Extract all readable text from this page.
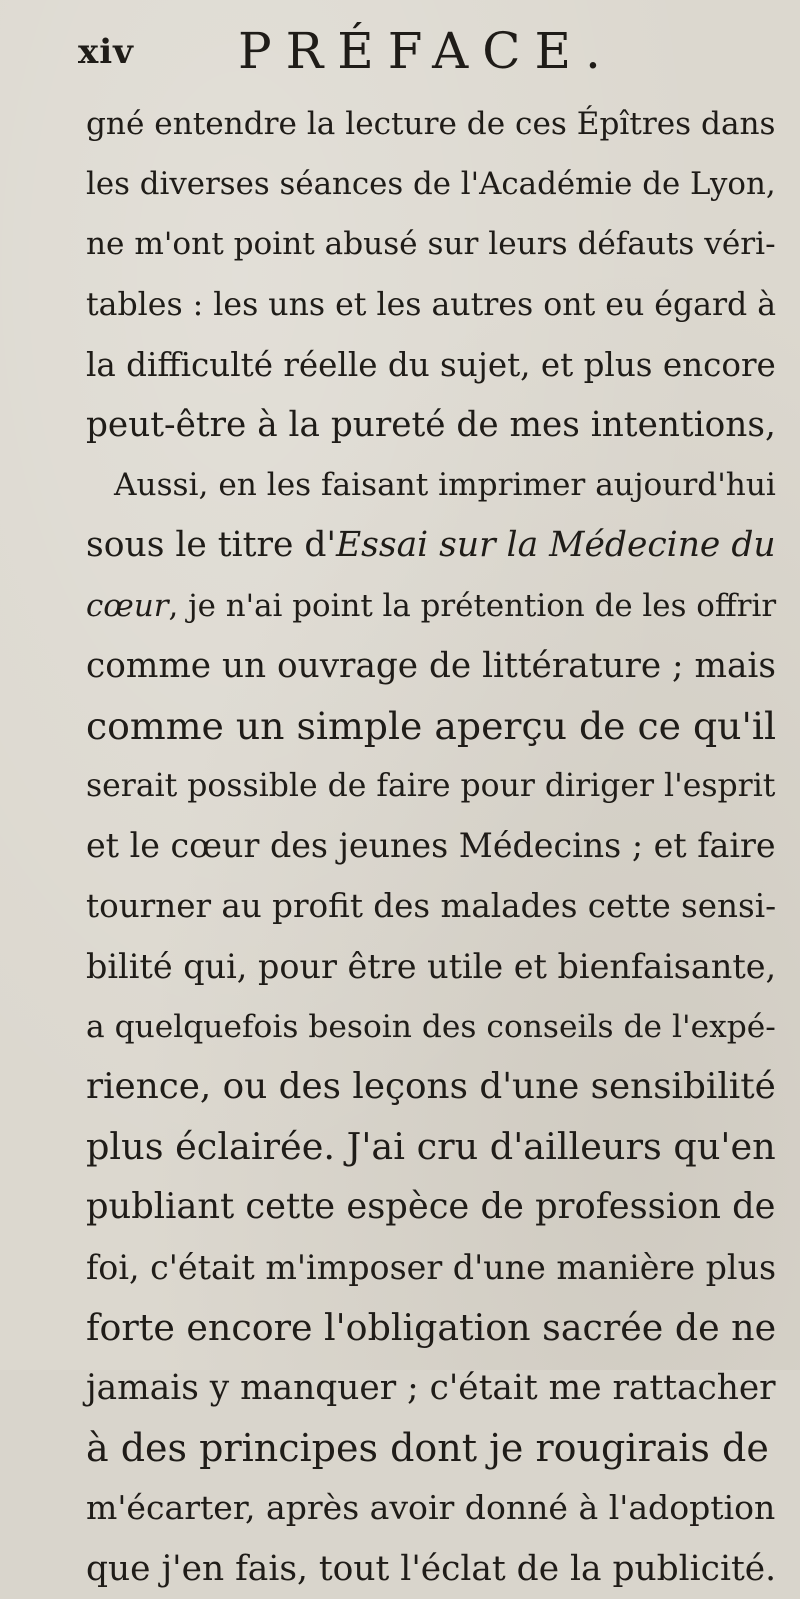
xiv PRÉFACE.
gné entendre la lecture de ces Épîtres dans
les diverses séances de l'Académie de Lyon,
ne m'ont point abusé sur leurs défauts véri-
tables : les uns et les autres ont eu égard à
la difficulté réelle du sujet, et plus encore
peut-être à la pureté de mes intentions,
Aussi, en les faisant imprimer aujourd'hui
sous le titre d'Essai sur la Médecine du
cœur, je n'ai point la prétention de les offrir
comme un ouvrage de littérature ; mais
comme un simple aperçu de ce qu'il
serait possible de faire pour diriger l'esprit
et le cœur des jeunes Médecins ; et faire
tourner au profit des malades cette sensi-
bilité qui, pour être utile et bienfaisante,
a quelquefois besoin des conseils de l'expé-
rience, ou des leçons d'une sensibilité
plus éclairée. J'ai cru d'ailleurs qu'en
publiant cette espèce de profession de
foi, c'était m'imposer d'une manière plus
forte encore l'obligation sacrée de ne
jamais y manquer ; c'était me rattacher
à des principes dont je rougirais de
m'écarter, après avoir donné à l'adoption
que j'en fais, tout l'éclat de la publicité.
